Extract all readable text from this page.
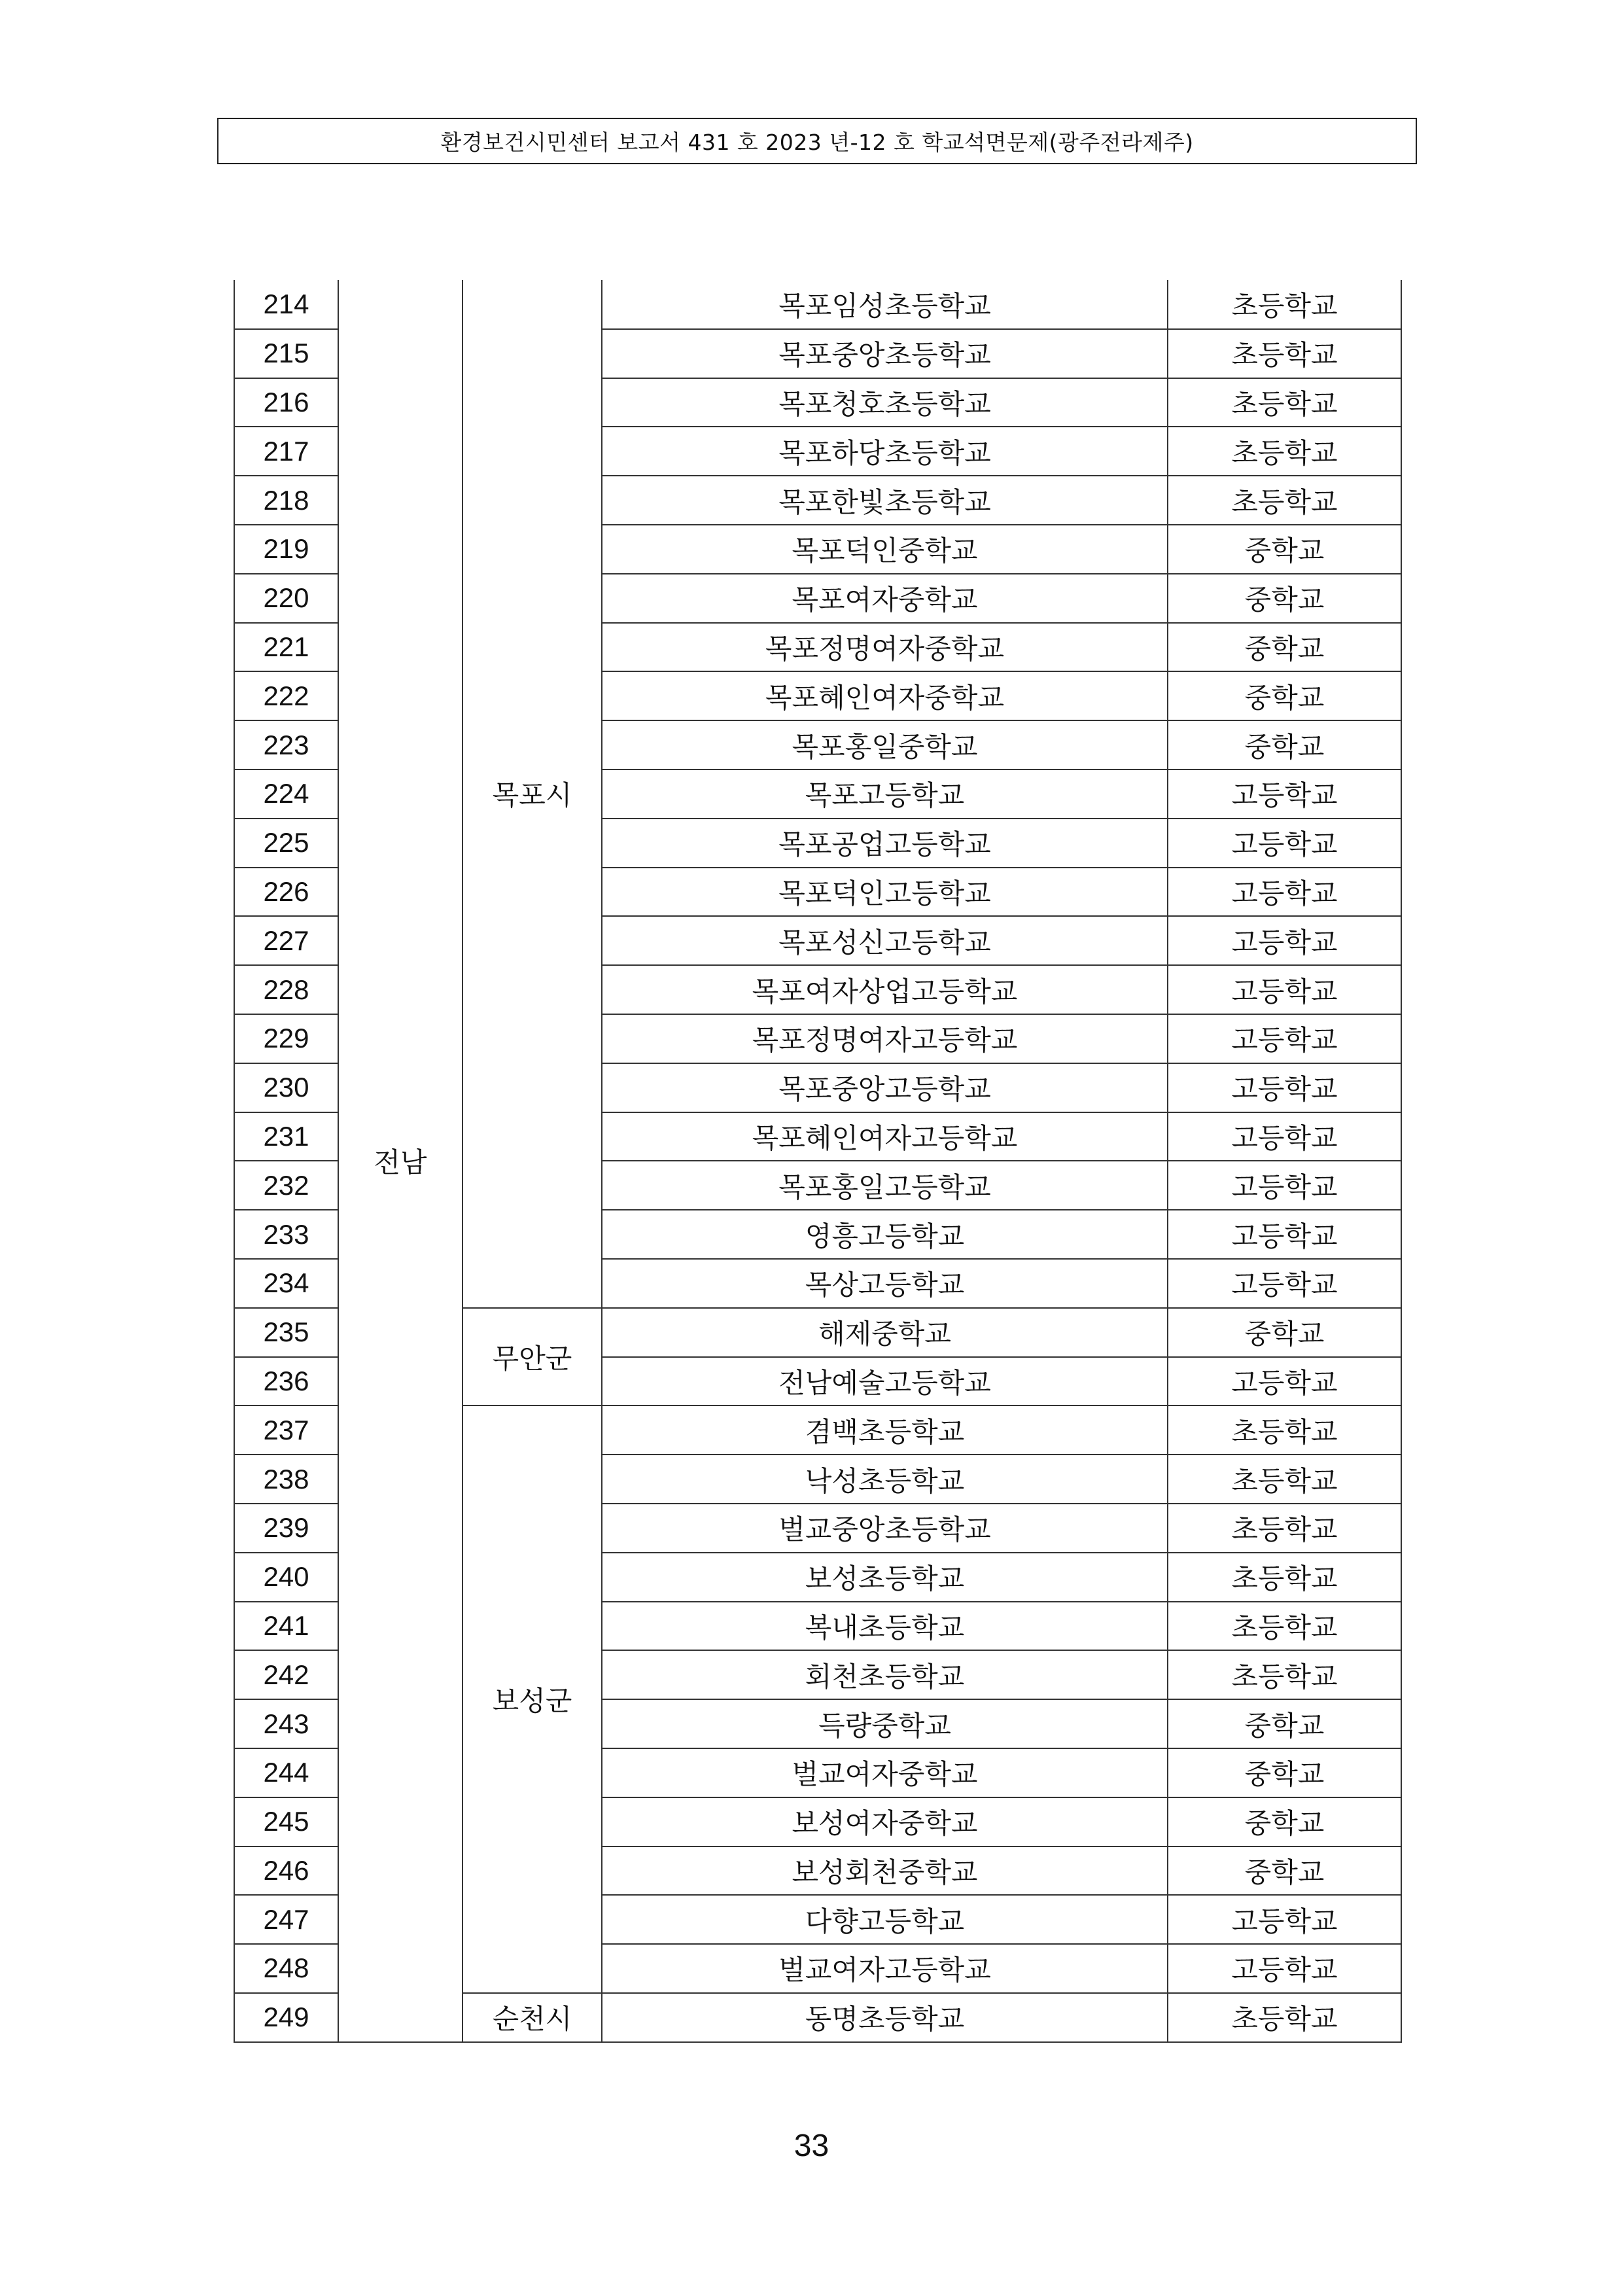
환경보건시민센터 보고서 431 호 2023 년-12 호 학교석면문제(광주전라제주)
214	전남	목포시	목포임성초등학교	초등학교
215			목포중앙초등학교	초등학교
216			목포청호초등학교	초등학교
217			목포하당초등학교	초등학교
218			목포한빛초등학교	초등학교
219			목포덕인중학교	중학교
220			목포여자중학교	중학교
221			목포정명여자중학교	중학교
222			목포혜인여자중학교	중학교
223			목포홍일중학교	중학교
224			목포고등학교	고등학교
225			목포공업고등학교	고등학교
226			목포덕인고등학교	고등학교
227			목포성신고등학교	고등학교
228			목포여자상업고등학교	고등학교
229			목포정명여자고등학교	고등학교
230			목포중앙고등학교	고등학교
231			목포혜인여자고등학교	고등학교
232			목포홍일고등학교	고등학교
233			영흥고등학교	고등학교
234			목상고등학교	고등학교
235		무안군	해제중학교	중학교
236			전남예술고등학교	고등학교
237		보성군	겸백초등학교	초등학교
238			낙성초등학교	초등학교
239			벌교중앙초등학교	초등학교
240			보성초등학교	초등학교
241			복내초등학교	초등학교
242			회천초등학교	초등학교
243			득량중학교	중학교
244			벌교여자중학교	중학교
245			보성여자중학교	중학교
246			보성회천중학교	중학교
247			다향고등학교	고등학교
248			벌교여자고등학교	고등학교
249		순천시	동명초등학교	초등학교
33
